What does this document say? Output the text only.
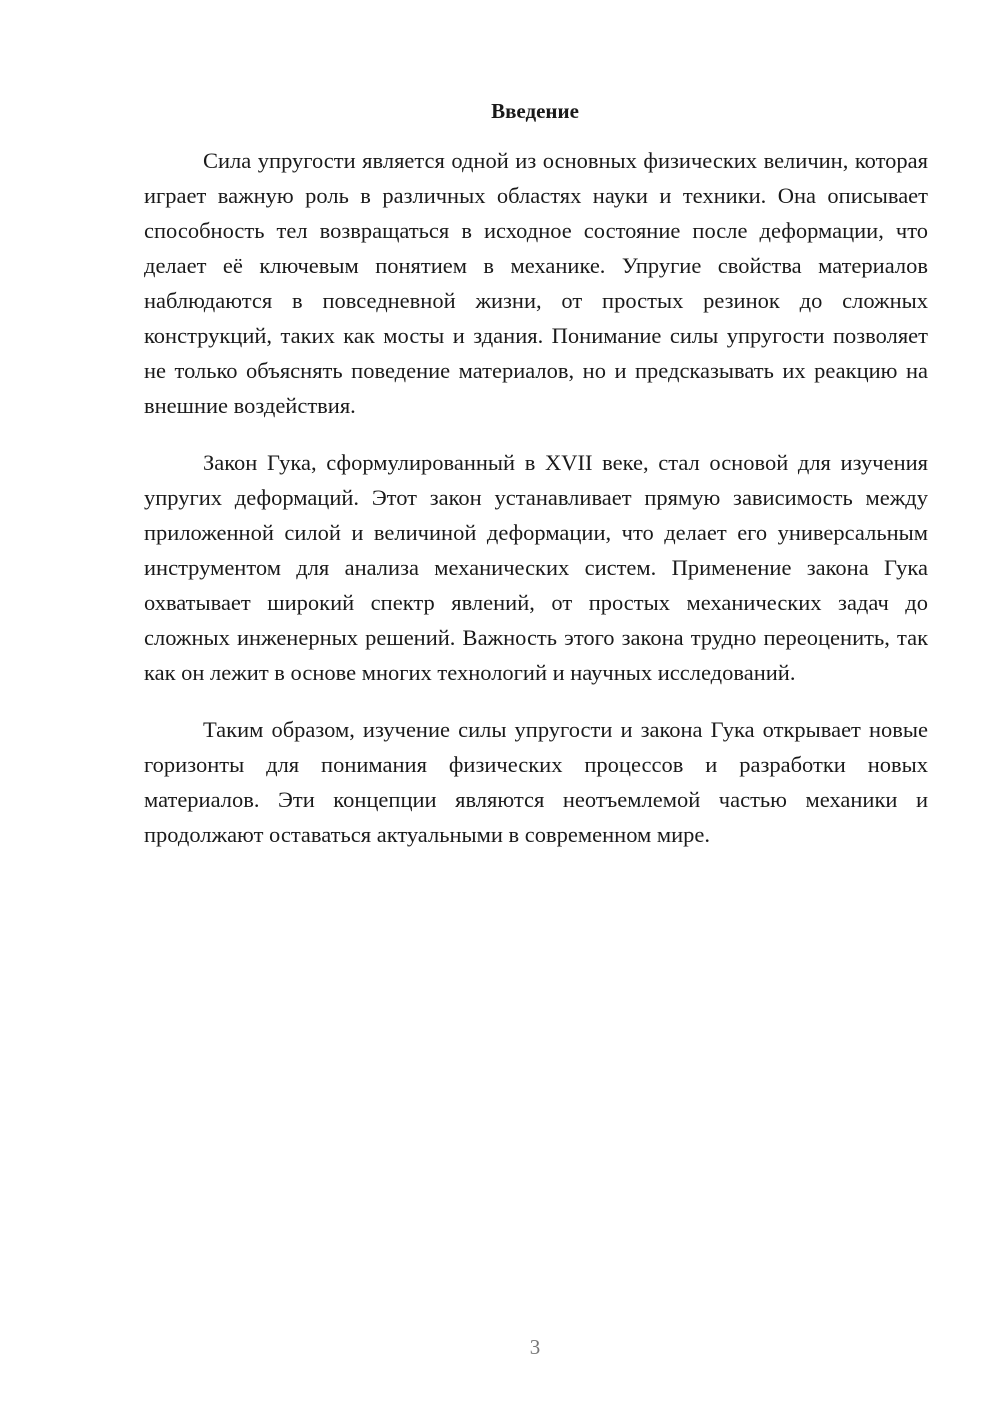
Введение

Сила упругости является одной из основных физических величин, которая играет важную роль в различных областях науки и техники. Она описывает способность тел возвращаться в исходное состояние после деформации, что делает её ключевым понятием в механике. Упругие свойства материалов наблюдаются в повседневной жизни, от простых резинок до сложных конструкций, таких как мосты и здания. Понимание силы упругости позволяет не только объяснять поведение материалов, но и предсказывать их реакцию на внешние воздействия.

Закон Гука, сформулированный в XVII веке, стал основой для изучения упругих деформаций. Этот закон устанавливает прямую зависимость между приложенной силой и величиной деформации, что делает его универсальным инструментом для анализа механических систем. Применение закона Гука охватывает широкий спектр явлений, от простых механических задач до сложных инженерных решений. Важность этого закона трудно переоценить, так как он лежит в основе многих технологий и научных исследований.

Таким образом, изучение силы упругости и закона Гука открывает новые горизонты для понимания физических процессов и разработки новых материалов. Эти концепции являются неотъемлемой частью механики и продолжают оставаться актуальными в современном мире.

3
